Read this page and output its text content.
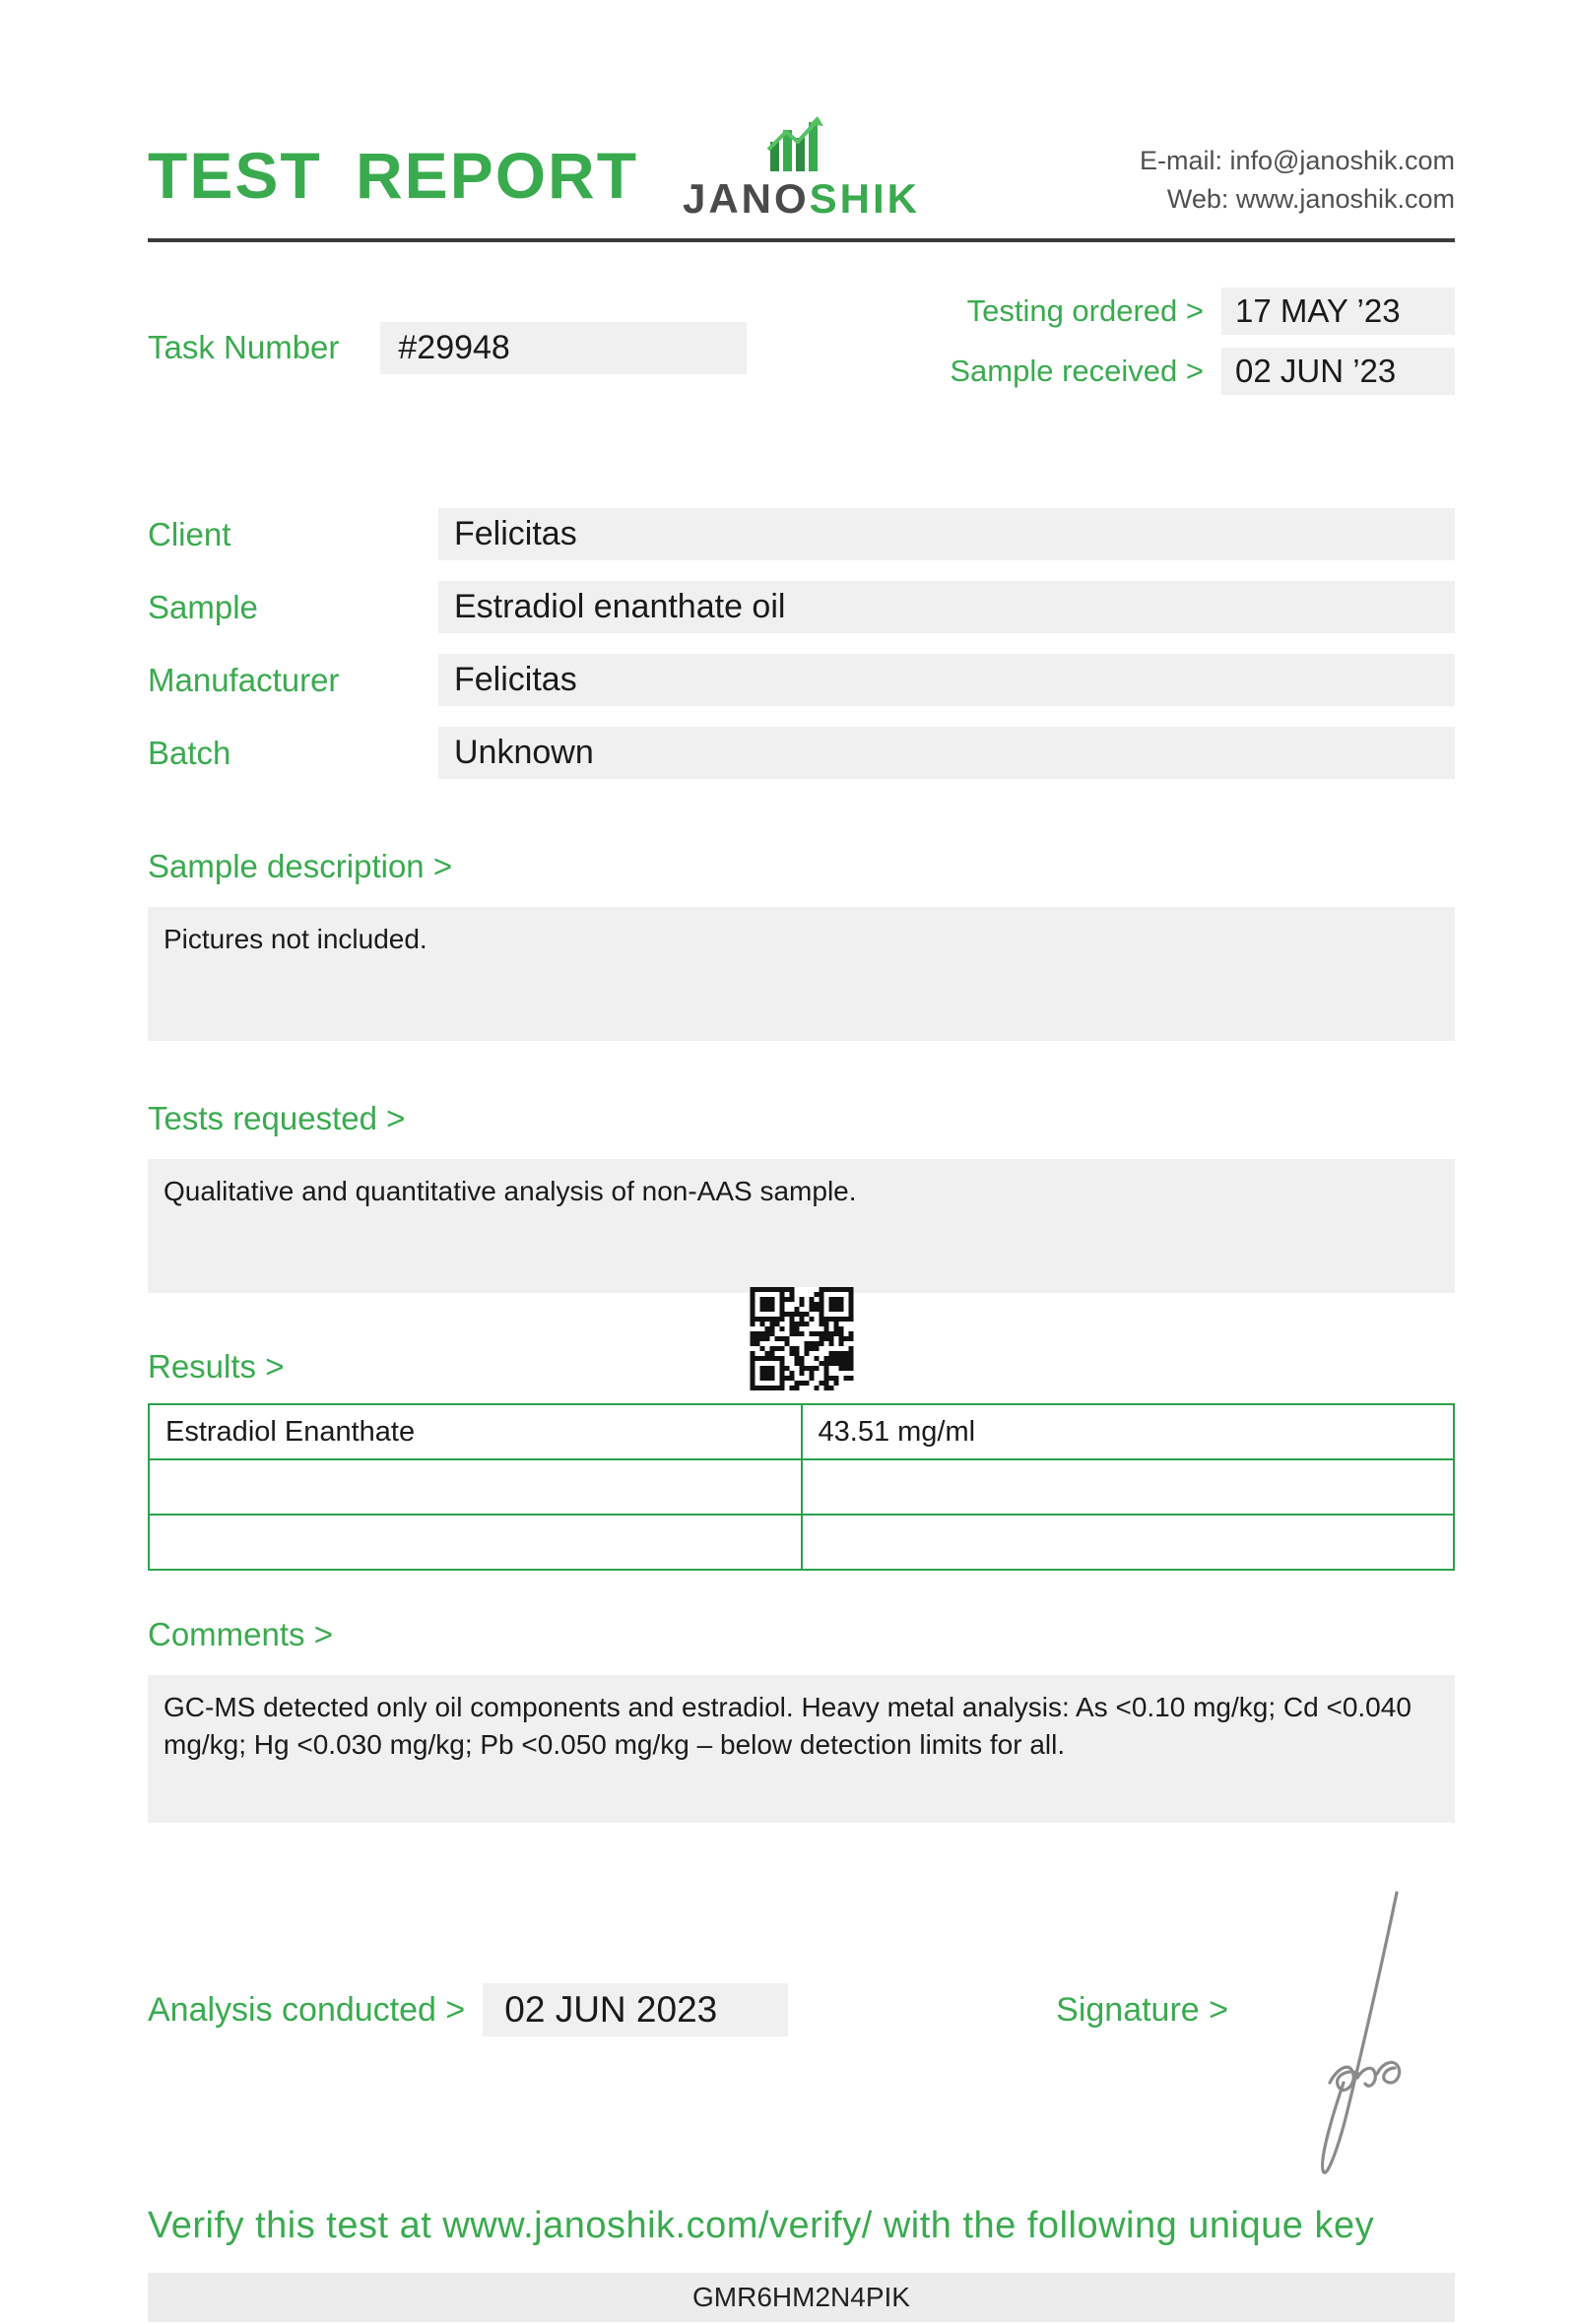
TEST REPORT	JANOSHIK
E-mail: info@janoshik.com
Web: www.janoshik.com
Task Number	#29948
Testing ordered > 17 MAY ’23
Sample received > 02 JUN ’23
Client	Felicitas
Sample	Estradiol enanthate oil
Manufacturer	Felicitas
Batch	Unknown
Sample description >
Pictures not included.
Tests requested >
Qualitative and quantitative analysis of non-AAS sample.
Results >
Estradiol Enanthate	43.51 mg/ml

Comments >
GC-MS detected only oil components and estradiol. Heavy metal analysis: As <0.10 mg/kg; Cd <0.040 mg/kg; Hg <0.030 mg/kg; Pb <0.050 mg/kg – below detection limits for all.
Analysis conducted >	02 JUN 2023	Signature >
Verify this test at www.janoshik.com/verify/ with the following unique key
GMR6HM2N4PIK
